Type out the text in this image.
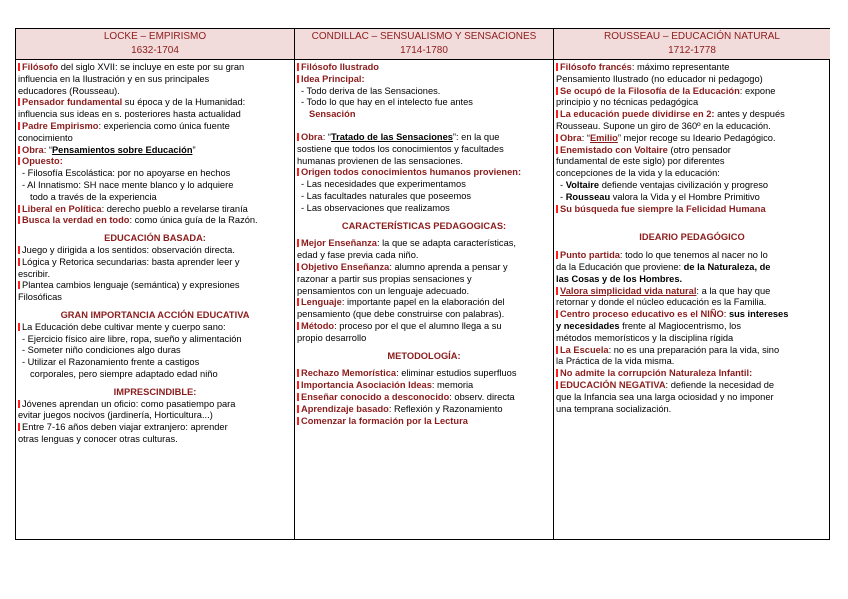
LOCKE – EMPIRISMO
1632-1704
CONDILLAC – SENSUALISMO Y SENSACIONES
1714-1780
ROUSSEAU – EDUCACIÓN NATURAL
1712-1778
Filósofo del siglo XVII: se incluye en este por su gran
influencia en la Ilustración y en sus principales
educadores (Rousseau).
Pensador fundamental su época y de la Humanidad:
influencia sus ideas en s. posteriores hasta actualidad
Padre Empirismo: experiencia como única fuente
conocimiento
Obra: “Pensamientos sobre Educación”
Opuesto:
- Filosofía Escolástica: por no apoyarse en hechos
- Al Innatismo: SH nace mente blanco y lo adquiere
todo a través de la experiencia
Liberal en Política: derecho pueblo a revelarse tiranía
Busca la verdad en todo: como única guía de la Razón.
EDUCACIÓN BASADA:
Juego y dirigida a los sentidos: observación directa.
Lógica y Retorica secundarias: basta aprender leer y
escribir.
Plantea cambios lenguaje (semántica) y expresiones
Filosóficas
GRAN IMPORTANCIA ACCIÓN EDUCATIVA
La Educación debe cultivar mente y cuerpo sano:
- Ejercicio físico aire libre, ropa, sueño y alimentación
- Someter niño condiciones algo duras
- Utilizar el Razonamiento frente a castigos
corporales, pero siempre adaptado edad niño
IMPRESCINDIBLE:
Jóvenes aprendan un oficio: como pasatiempo para
evitar juegos nocivos (jardinería, Horticultura...)
Entre 7-16 años deben viajar extranjero: aprender
otras lenguas y conocer otras culturas.
Filósofo Ilustrado
Idea Principal:
- Todo deriva de las Sensaciones.
- Todo lo que hay en el intelecto fue antes
Sensación
Obra: “Tratado de las Sensaciones”: en la que
sostiene que todos los conocimientos y facultades
humanas provienen de las sensaciones.
Origen todos conocimientos humanos provienen:
- Las necesidades que experimentamos
- Las facultades naturales que poseemos
- Las observaciones que realizamos
CARACTERÍSTICAS PEDAGOGICAS:
Mejor Enseñanza: la que se adapta características,
edad y fase previa cada niño.
Objetivo Enseñanza: alumno aprenda a pensar y
razonar a partir sus propias sensaciones y
pensamientos con un lenguaje adecuado.
Lenguaje: importante papel en la elaboración del
pensamiento (que debe construirse con palabras).
Método: proceso por el que el alumno llega a su
propio desarrollo
METODOLOGÍA:
Rechazo Memorística: eliminar estudios superfluos
Importancia Asociación Ideas: memoria
Enseñar conocido a desconocido: observ. directa
Aprendizaje basado: Reflexión y Razonamiento
Comenzar la formación por la Lectura
Filósofo francés: máximo representante
Pensamiento Ilustrado (no educador ni pedagogo)
Se ocupó de la Filosofía de la Educación: expone
principio y no técnicas pedagógica
La educación puede dividirse en 2: antes y después
Rousseau. Supone un giro de 360º en la educación.
Obra: “Emilio” mejor recoge su Ideario Pedagógico.
Enemistado con Voltaire (otro pensador
fundamental de este siglo) por diferentes
concepciones de la vida y la educación:
- Voltaire defiende ventajas civilización y progreso
- Rousseau valora la Vida y el Hombre Primitivo
Su búsqueda fue siempre la Felicidad Humana
IDEARIO PEDAGÓGICO
Punto partida: todo lo que tenemos al nacer no lo
da la Educación que proviene: de la Naturaleza, de
las Cosas y de los Hombres.
Valora simplicidad vida natural: a la que hay que
retornar y donde el núcleo educación es la Familia.
Centro proceso educativo es el NIÑO: sus intereses
y necesidades frente al Magiocentrismo, los
métodos memorísticos y la disciplina rígida
La Escuela: no es una preparación para la vida, sino
la Práctica de la vida misma.
No admite la corrupción Naturaleza Infantil:
EDUCACIÓN NEGATIVA: defiende la necesidad de
que la Infancia sea una larga ociosidad y no imponer
una temprana socialización.
